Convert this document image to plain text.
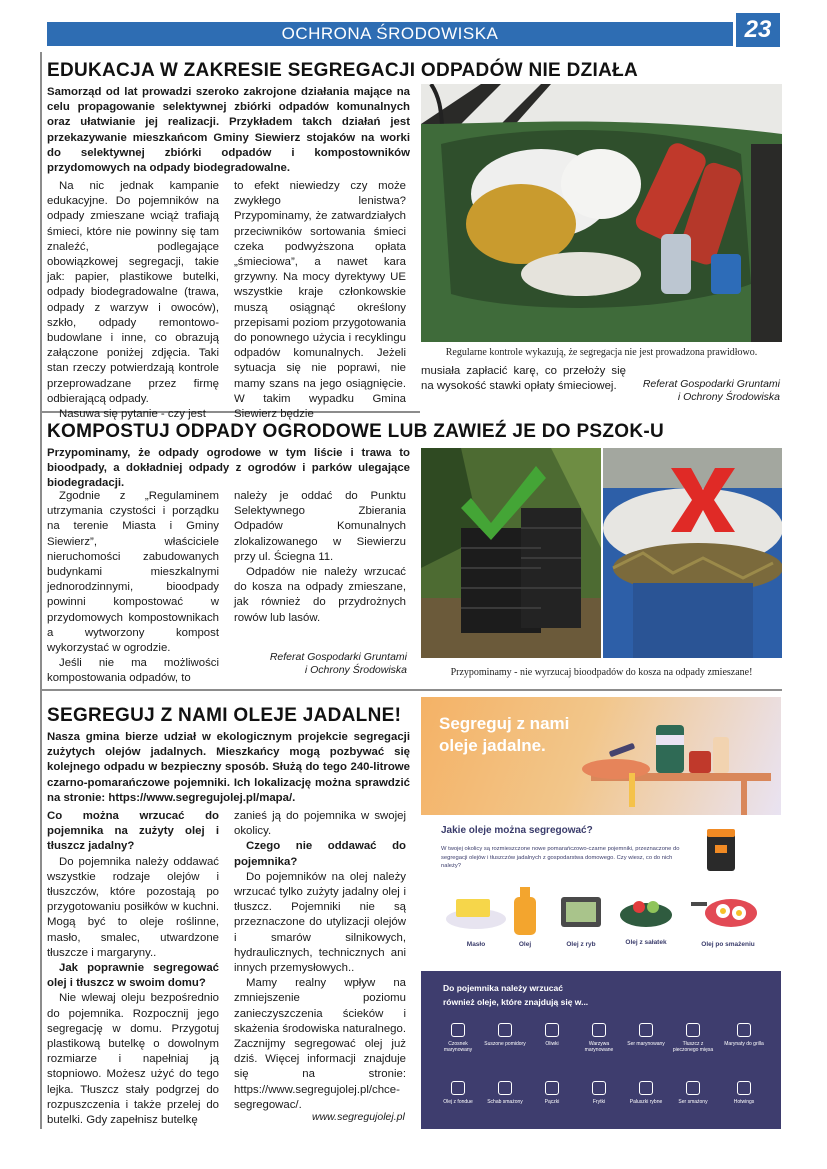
OCHRONA ŚRODOWISKA	23
EDUKACJA W ZAKRESIE SEGREGACJI ODPADÓW NIE DZIAŁA
Samorząd od lat prowadzi szeroko zakrojone działania mające na celu propagowanie selektywnej zbiórki odpadów komunalnych oraz ułatwianie jej realizacji. Przykładem takch działań jest przekazywanie mieszkańcom Gminy Siewierz stojaków na worki do selektywnej zbiórki odpadów i kompostowników przydomowych na odpady biodegradowalne.

Na nic jednak kampanie edukacyjne. Do pojemników na odpady zmieszane wciąż trafiają śmieci, które nie powinny się tam znaleźć, podlegające obowiązkowej segregacji, takie jak: papier, plastikowe butelki, odpady biodegradowalne (trawa, odpady z warzyw i owoców), szkło, odpady remontowo-budowlane i inne, co obrazują załączone poniżej zdjęcia. Taki stan rzeczy potwierdzają kontrole przeprowadzane przez firmę odbierającą odpady.

Nasuwa się pytanie - czy jest

to efekt niewiedzy czy może zwykłego lenistwa? Przypominamy, że zatwardziałych przeciwników sortowania śmieci czeka podwyższona opłata „śmieciowa”, a nawet kara grzywny. Na mocy dyrektywy UE wszystkie kraje członkowskie muszą osiągnąć określony przepisami poziom przygotowania do ponownego użycia i recyklingu odpadów komunalnych. Jeżeli sytuacja się nie poprawi, nie mamy szans na jego osiągnięcie. W takim wypadku Gmina Siewierz będzie

Regularne kontrole wykazują, że segregacja nie jest prowadzona prawidłowo.

musiała zapłacić karę, co przełoży się na wysokość stawki opłaty śmieciowej.	Referat Gospodarki Gruntami
i Ochrony Środowiska
KOMPOSTUJ ODPADY OGRODOWE LUB ZAWIEŹ JE DO PSZOK-U
Przypominamy, że odpady ogrodowe w tym liście i trawa to bioodpady, a dokładniej odpady z ogrodów i parków ulegające biodegradacji.

Zgodnie z „Regulaminem utrzymania czystości i porządku na terenie Miasta i Gminy Siewierz”, właściciele nieruchomości zabudowanych budynkami mieszkalnymi jednorodzinnymi, bioodpady powinni kompostować w przydomowych kompostownikach a wytworzony kompost wykorzystać w ogrodzie.

Jeśli nie ma możliwości kompostowania odpadów, to

należy je oddać do Punktu Selektywnego Zbierania Odpadów Komunalnych zlokalizowanego w Siewierzu przy ul. Ściegna 11.

Odpadów nie należy wrzucać do kosza na odpady zmieszane, jak również do przydrożnych rowów lub lasów.

Referat Gospodarki Gruntami
i Ochrony Środowiska	Przypominamy - nie wyrzucaj bioodpadów do kosza na odpady zmieszane!
SEGREGUJ Z NAMI OLEJE JADALNE!
Nasza gmina bierze udział w ekologicznym projekcie segregacji zużytych olejów jadalnych. Mieszkańcy mogą pozbywać się kolejnego odpadu w bezpieczny sposób. Służą do tego 240-litrowe czarno-pomarańczowe pojemniki. Ich lokalizację można sprawdzić na stronie: https://www.segregujolej.pl/mapa/.

Co można wrzucać do pojemnika na zużyty olej i tłuszcz jadalny?

Do pojemnika należy oddawać wszystkie rodzaje olejów i tłuszczów, które pozostają po przygotowaniu posiłków w kuchni. Mogą być to oleje roślinne, masło, smalec, utwardzone tłuszcze i margaryny..

Jak poprawnie segregować olej i tłuszcz w swoim domu?

Nie wlewaj oleju bezpośrednio do pojemnika. Rozpocznij jego segregację w domu. Przygotuj plastikową butelkę o dowolnym rozmiarze i napełniaj ją stopniowo. Możesz użyć do tego lejka. Tłuszcz stały podgrzej do rozpuszczenia i także przelej do butelki. Gdy zapełnisz butelkę

zanieś ją do pojemnika w swojej okolicy.

Czego nie oddawać do pojemnika?

Do pojemników na olej należy wrzucać tylko zużyty jadalny olej i tłuszcz. Pojemniki nie są przeznaczone do utylizacji olejów i smarów silnikowych, hydraulicznych, technicznych ani innych przemysłowych..

Mamy realny wpływ na zmniejszenie poziomu zanieczyszczenia ścieków i skażenia środowiska naturalnego. Zacznijmy segregować olej już dziś. Więcej informacji znajduje się na stronie: https://www.segregujolej.pl/chce-segregowac/.

www.segregujolej.pl
Segreguj z nami
oleje jadalne.
Jakie oleje można segregować?
W twojej okolicy są rozmieszczone nowe pomarańczowo-czarne pojemniki, przeznaczone do segregacji olejów i tłuszczów jadalnych z gospodarstwa domowego. Czy wiesz, co do nich należy?
Masło	Olej	Olej z ryb	Olej z sałatek	Olej po smażeniu
Do pojemnika należy wrzucać
również oleje, które znajdują się w...
Czosnek marynowany
Suszone pomidory	Oliwki	Warzywa marynowane
Ser marynowany	Tłuszcz z pieczonego mięsa
Marynaty do grilla
Olej z fondue	Schab smażony	Pączki	Frytki	Paluszki rybne	Ser smażony	Hotwings
